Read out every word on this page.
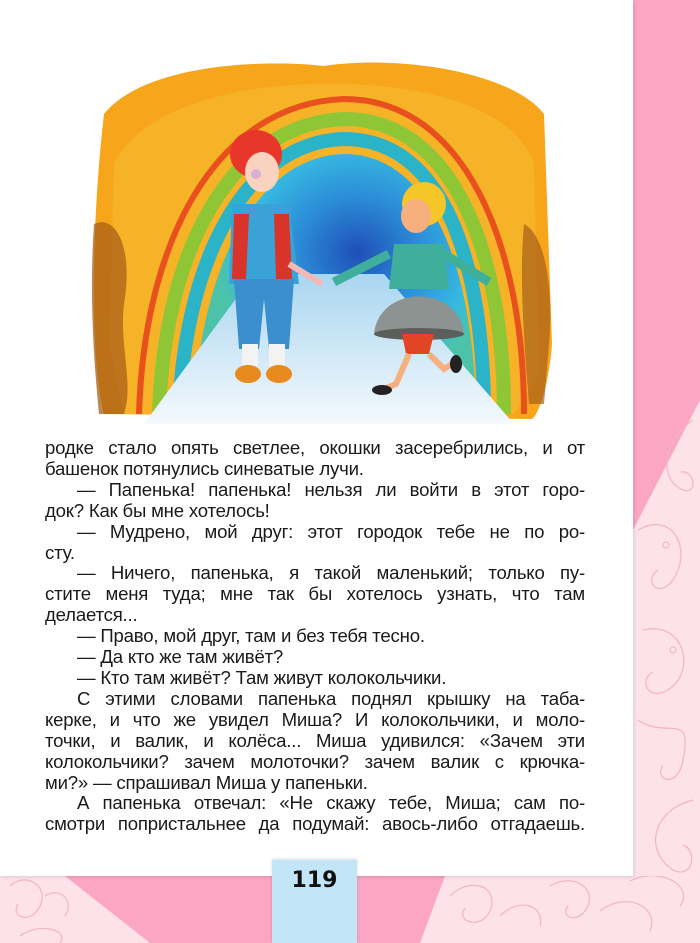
родке стало опять светлее, окошки засеребрились, и от
башенок потянулись синеватые лучи.

— Папенька! папенька! нельзя ли войти в этот горо-
док? Как бы мне хотелось!

— Мудрено, мой друг: этот городок тебе не по ро-
сту.

— Ничего, папенька, я такой маленький; только пу-
стите меня туда; мне так бы хотелось узнать, что там
делается...

— Право, мой друг, там и без тебя тесно.

— Да кто же там живёт?

— Кто там живёт? Там живут колокольчики.

С этими словами папенька поднял крышку на таба-
керке, и что же увидел Миша? И колокольчики, и моло-
точки, и валик, и колёса... Миша удивился: «Зачем эти
колокольчики? зачем молоточки? зачем валик с крючка-
ми?» — спрашивал Миша у папеньки.

А папенька отвечал: «Не скажу тебе, Миша; сам по-
смотри попристальнее да подумай: авось-либо отгадаешь.

119
